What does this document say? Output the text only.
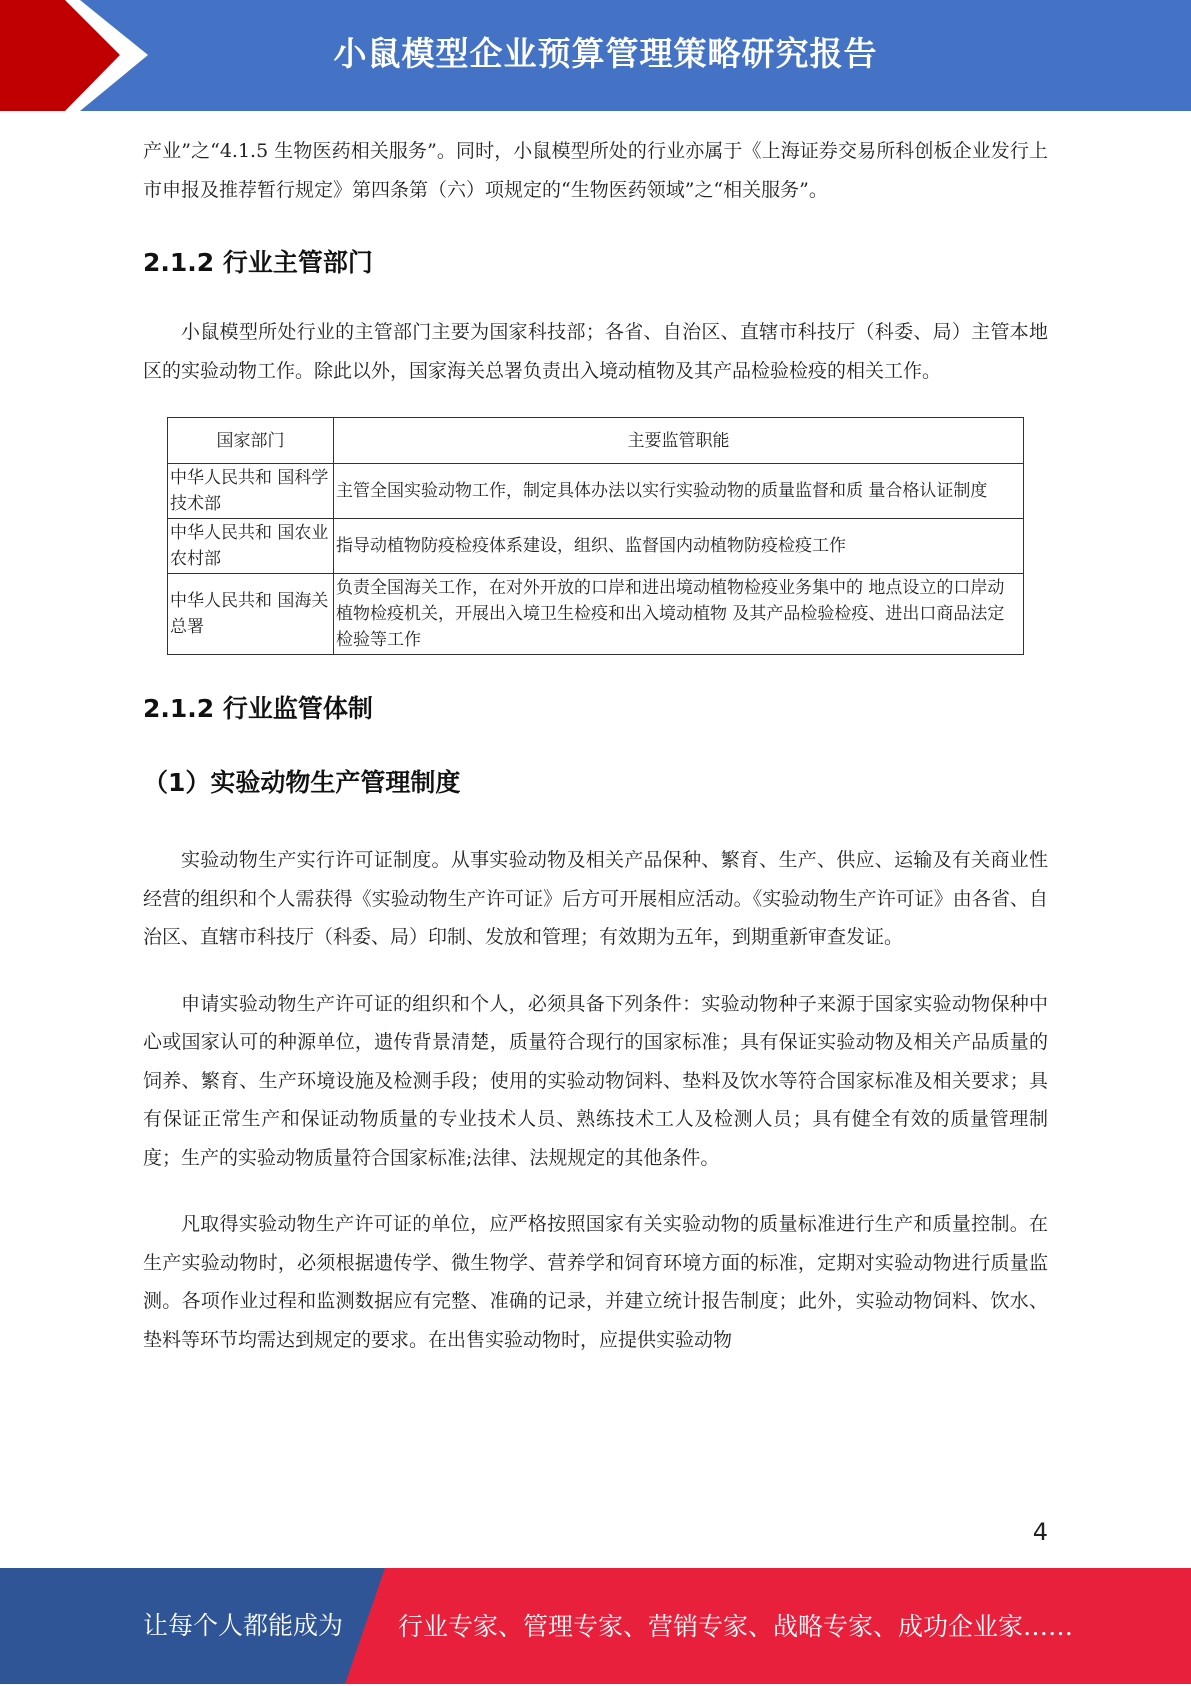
小鼠模型企业预算管理策略研究报告

产业”之“4.1.5 生物医药相关服务”。同时，小鼠模型所处的行业亦属于《上海证券交易所科创板企业发行上市申报及推荐暂行规定》第四条第（六）项规定的“生物医药领域”之“相关服务”。

2.1.2 行业主管部门

小鼠模型所处行业的主管部门主要为国家科技部；各省、自治区、直辖市科技厅（科委、局）主管本地区的实验动物工作。除此以外，国家海关总署负责出入境动植物及其产品检验检疫的相关工作。

国家部门	主要监管职能
中华人民共和 国科学技术部	主管全国实验动物工作，制定具体办法以实行实验动物的质量监督和质 量合格认证制度
中华人民共和 国农业农村部	指导动植物防疫检疫体系建设，组织、监督国内动植物防疫检疫工作
中华人民共和 国海关总署	负责全国海关工作，在对外开放的口岸和进出境动植物检疫业务集中的 地点设立的口岸动植物检疫机关，开展出入境卫生检疫和出入境动植物 及其产品检验检疫、进出口商品法定检验等工作
2.1.2 行业监管体制
（1）实验动物生产管理制度

实验动物生产实行许可证制度。从事实验动物及相关产品保种、繁育、生产、供应、运输及有关商业性经营的组织和个人需获得《实验动物生产许可证》后方可开展相应活动。《实验动物生产许可证》由各省、自治区、直辖市科技厅（科委、局）印制、发放和管理；有效期为五年，到期重新审查发证。

申请实验动物生产许可证的组织和个人，必须具备下列条件：实验动物种子来源于国家实验动物保种中心或国家认可的种源单位，遗传背景清楚，质量符合现行的国家标准；具有保证实验动物及相关产品质量的饲养、繁育、生产环境设施及检测手段；使用的实验动物饲料、垫料及饮水等符合国家标准及相关要求；具有保证正常生产和保证动物质量的专业技术人员、熟练技术工人及检测人员；具有健全有效的质量管理制度；生产的实验动物质量符合国家标准;法律、法规规定的其他条件。

凡取得实验动物生产许可证的单位，应严格按照国家有关实验动物的质量标准进行生产和质量控制。在生产实验动物时，必须根据遗传学、微生物学、营养学和饲育环境方面的标准，定期对实验动物进行质量监测。各项作业过程和监测数据应有完整、准确的记录，并建立统计报告制度；此外，实验动物饲料、饮水、垫料等环节均需达到规定的要求。在出售实验动物时，应提供实验动物

4
让每个人都能成为 行业专家、管理专家、营销专家、战略专家、成功企业家……
